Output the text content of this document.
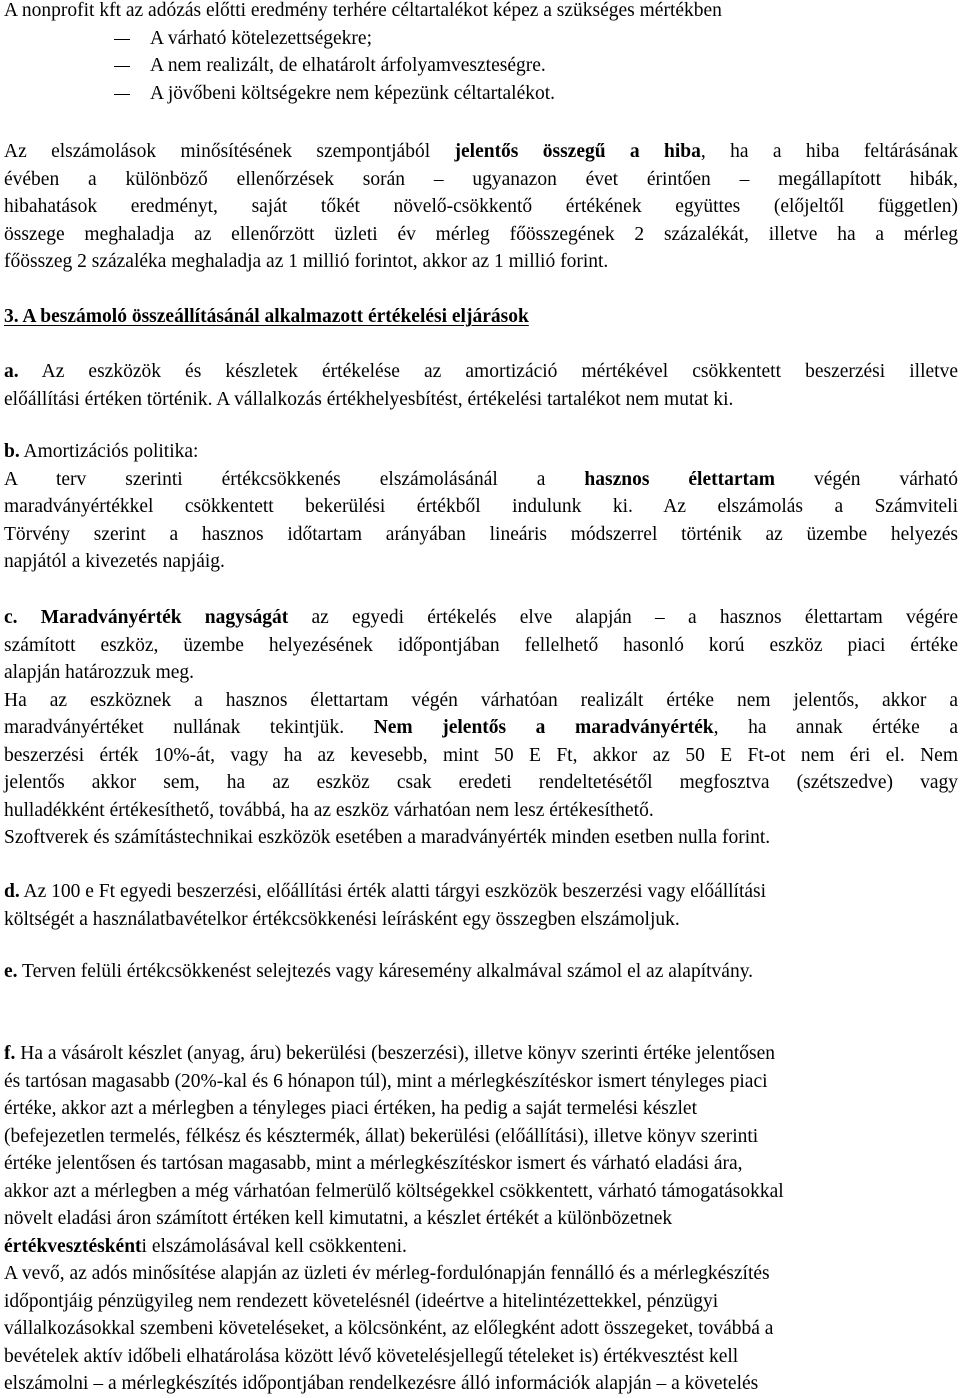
A nonprofit kft az adózás előtti eredmény terhére céltartalékot képez a szükséges mértékben
A várható kötelezettségekre;
A nem realizált, de elhatárolt árfolyamveszteségre.
A jövőbeni költségekre nem képezünk céltartalékot.
Az elszámolások minősítésének szempontjából jelentős összegű a hiba, ha a hiba feltárásának
évében a különböző ellenőrzések során – ugyanazon évet érintően – megállapított hibák,
hibahatások eredményt, saját tőkét növelő-csökkentő értékének együttes (előjeltől független)
összege meghaladja az ellenőrzött üzleti év mérleg főösszegének 2 százalékát, illetve ha a mérleg
főösszeg 2 százaléka meghaladja az 1 millió forintot, akkor az 1 millió forint.
3. A beszámoló összeállításánál alkalmazott értékelési eljárások
a. Az eszközök és készletek értékelése az amortizáció mértékével csökkentett beszerzési illetve
előállítási értéken történik. A vállalkozás értékhelyesbítést, értékelési tartalékot nem mutat ki.
b. Amortizációs politika:
A terv szerinti értékcsökkenés elszámolásánál a hasznos élettartam végén várható
maradványértékkel csökkentett bekerülési értékből indulunk ki. Az elszámolás a Számviteli
Törvény szerint a hasznos időtartam arányában lineáris módszerrel történik az üzembe helyezés
napjától a kivezetés napjáig.
c. Maradványérték nagyságát az egyedi értékelés elve alapján – a hasznos élettartam végére
számított eszköz, üzembe helyezésének időpontjában fellelhető hasonló korú eszköz piaci értéke
alapján határozzuk meg.
Ha az eszköznek a hasznos élettartam végén várhatóan realizált értéke nem jelentős, akkor a
maradványértéket nullának tekintjük. Nem jelentős a maradványérték, ha annak értéke a
beszerzési érték 10%-át, vagy ha az kevesebb, mint 50 E Ft, akkor az 50 E Ft-ot nem éri el. Nem
jelentős akkor sem, ha az eszköz csak eredeti rendeltetésétől megfosztva (szétszedve) vagy
hulladékként értékesíthető, továbbá, ha az eszköz várhatóan nem lesz értékesíthető.
Szoftverek és számítástechnikai eszközök esetében a maradványérték minden esetben nulla forint.
d. Az 100 e Ft egyedi beszerzési, előállítási érték alatti tárgyi eszközök beszerzési vagy előállítási
költségét a használatbavételkor értékcsökkenési leírásként egy összegben elszámoljuk.
e. Terven felüli értékcsökkenést selejtezés vagy káresemény alkalmával számol el az alapítvány.
f. Ha a vásárolt készlet (anyag, áru) bekerülési (beszerzési), illetve könyv szerinti értéke jelentősen
és tartósan magasabb (20%-kal és 6 hónapon túl), mint a mérlegkészítéskor ismert tényleges piaci
értéke, akkor azt a mérlegben a tényleges piaci értéken, ha pedig a saját termelési készlet
(befejezetlen termelés, félkész és késztermék, állat) bekerülési (előállítási), illetve könyv szerinti
értéke jelentősen és tartósan magasabb, mint a mérlegkészítéskor ismert és várható eladási ára,
akkor azt a mérlegben a még várhatóan felmerülő költségekkel csökkentett, várható támogatásokkal
növelt eladási áron számított értéken kell kimutatni, a készlet értékét a különbözetnek
értékvesztéskénti elszámolásával kell csökkenteni.
A vevő, az adós minősítése alapján az üzleti év mérleg-fordulónapján fennálló és a mérlegkészítés
időpontjáig pénzügyileg nem rendezett követelésnél (ideértve a hitelintézettekkel, pénzügyi
vállalkozásokkal szembeni követeléseket, a kölcsönként, az előlegként adott összegeket, továbbá a
bevételek aktív időbeli elhatárolása között lévő követelésjellegű tételeket is) értékvesztést kell
elszámolni – a mérlegkészítés időpontjában rendelkezésre álló információk alapján – a követelés
